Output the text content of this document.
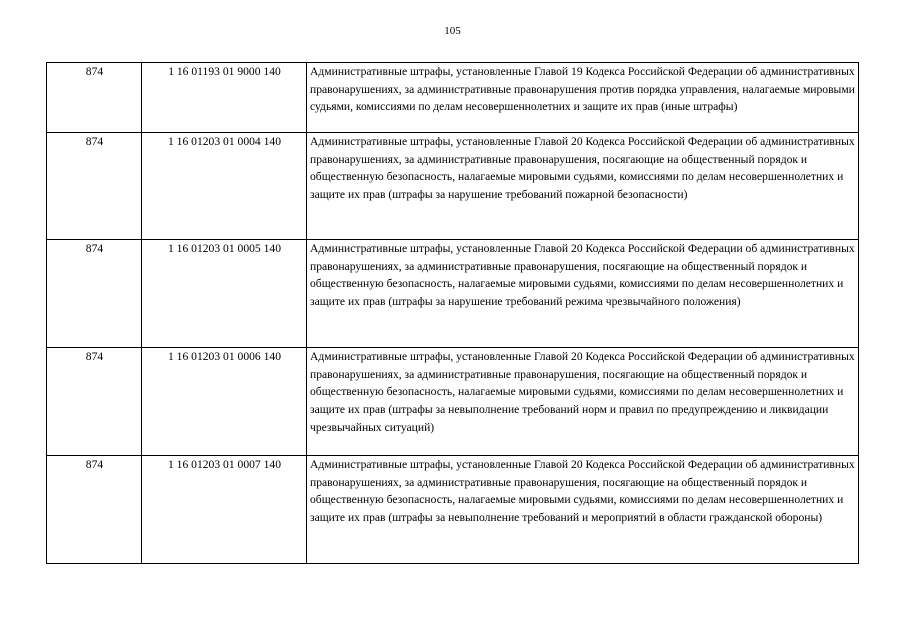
105
874	1 16 01193 01 9000 140	Административные штрафы, установленные Главой 19 Кодекса Российской Федерации об административных правонарушениях, за административные правонарушения против порядка управления, налагаемые мировыми судьями, комиссиями по делам несовершеннолетних и защите их прав (иные штрафы)
874	1 16 01203 01 0004 140	Административные штрафы, установленные Главой 20 Кодекса Российской Федерации об административных правонарушениях, за административные правонарушения, посягающие на общественный порядок и общественную безопасность, налагаемые мировыми судьями, комиссиями по делам несовершеннолетних и защите их прав (штрафы за нарушение требований пожарной безопасности)
874	1 16 01203 01 0005 140	Административные штрафы, установленные Главой 20 Кодекса Российской Федерации об административных правонарушениях, за административные правонарушения, посягающие на общественный порядок и общественную безопасность, налагаемые мировыми судьями, комиссиями по делам несовершеннолетних и защите их прав (штрафы за нарушение требований режима чрезвычайного положения)
874	1 16 01203 01 0006 140	Административные штрафы, установленные Главой 20 Кодекса Российской Федерации об административных правонарушениях, за административные правонарушения, посягающие на общественный порядок и общественную безопасность, налагаемые мировыми судьями, комиссиями по делам несовершеннолетних и защите их прав (штрафы за невыполнение требований норм и правил по предупреждению и ликвидации чрезвычайных ситуаций)
874	1 16 01203 01 0007 140	Административные штрафы, установленные Главой 20 Кодекса Российской Федерации об административных правонарушениях, за административные правонарушения, посягающие на общественный порядок и общественную безопасность, налагаемые мировыми судьями, комиссиями по делам несовершеннолетних и защите их прав (штрафы за невыполнение требований и мероприятий в области гражданской обороны)
